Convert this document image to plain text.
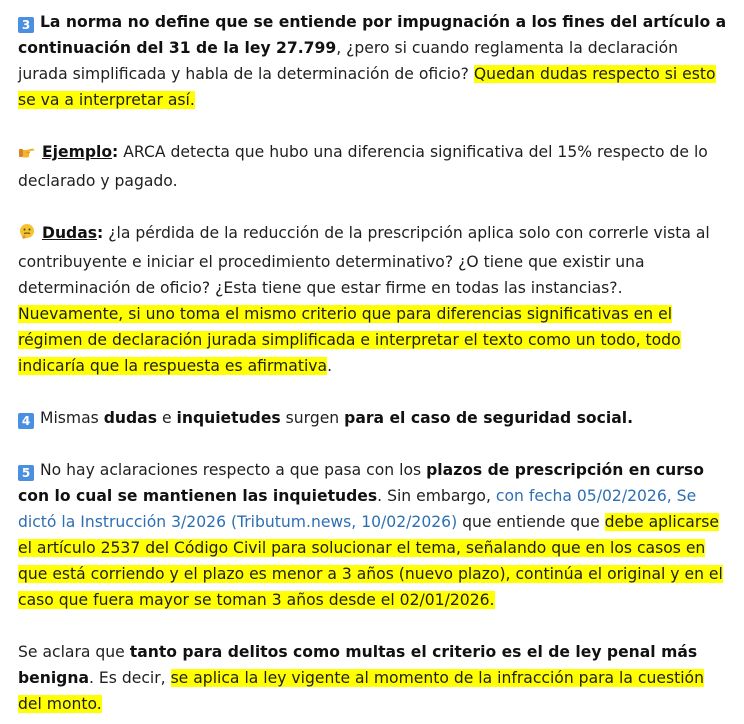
3 La norma no define que se entiende por impugnación a los fines del artículo a continuación del 31 de la ley 27.799, ¿pero si cuando reglamenta la declaración jurada simplificada y habla de la determinación de oficio? Quedan dudas respecto si esto se va a interpretar así.

Ejemplo: ARCA detecta que hubo una diferencia significativa del 15% respecto de lo declarado y pagado.

Dudas: ¿la pérdida de la reducción de la prescripción aplica solo con correrle vista al contribuyente e iniciar el procedimiento determinativo? ¿O tiene que existir una determinación de oficio? ¿Esta tiene que estar firme en todas las instancias?. Nuevamente, si uno toma el mismo criterio que para diferencias significativas en el régimen de declaración jurada simplificada e interpretar el texto como un todo, todo indicaría que la respuesta es afirmativa.

4 Mismas dudas e inquietudes surgen para el caso de seguridad social.

5 No hay aclaraciones respecto a que pasa con los plazos de prescripción en curso con lo cual se mantienen las inquietudes. Sin embargo, con fecha 05/02/2026, Se dictó la Instrucción 3/2026 (Tributum.news, 10/02/2026) que entiende que debe aplicarse el artículo 2537 del Código Civil para solucionar el tema, señalando que en los casos en que está corriendo y el plazo es menor a 3 años (nuevo plazo), continúa el original y en el caso que fuera mayor se toman 3 años desde el 02/01/2026.

Se aclara que tanto para delitos como multas el criterio es el de ley penal más benigna. Es decir, se aplica la ley vigente al momento de la infracción para la cuestión del monto.
